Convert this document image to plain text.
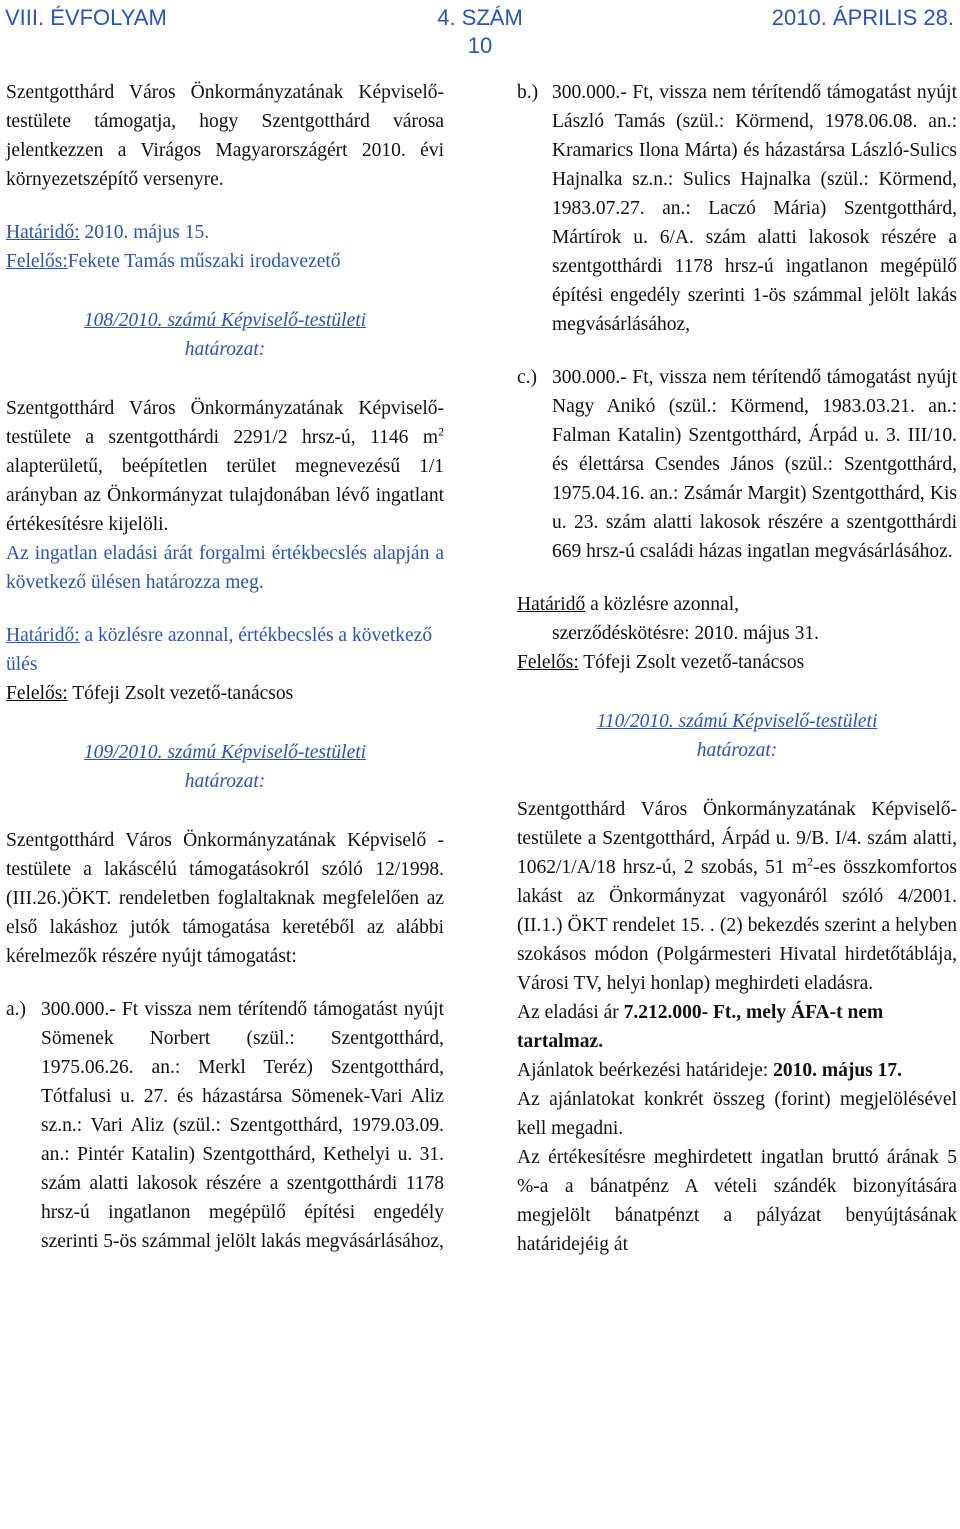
VIII. ÉVFOLYAM	4. SZÁM	2010. ÁPRILIS 28.
10

Szentgotthárd Város Önkormányzatának Képviselő-testülete támogatja, hogy Szentgotthárd városa jelentkezzen a Virágos Magyarországért 2010. évi környezetszépítő versenyre.

Határidő: 2010. május 15.

Felelős:Fekete Tamás műszaki irodavezető

108/2010. számú Képviselő-testületi

határozat:

Szentgotthárd Város Önkormányzatának Képviselő-testülete a szentgotthárdi 2291/2 hrsz-ú, 1146 $m^2$ alapterületű, beépítetlen terület megnevezésű 1/1 arányban az Önkormányzat tulajdonában lévő ingatlant értékesítésre kijelöli.

Az ingatlan eladási árát forgalmi értékbecslés alapján a következő ülésen határozza meg.

Határidő: a közlésre azonnal, értékbecslés a következő ülés

Felelős: Tófeji Zsolt vezető-tanácsos

109/2010. számú Képviselő-testületi

határozat:

Szentgotthárd Város Önkormányzatának Képviselő - testülete a lakáscélú támogatásokról szóló 12/1998.(III.26.)ÖKT. rendeletben foglaltaknak megfelelően az első lakáshoz jutók támogatása keretéből az alábbi kérelmezők részére nyújt támogatást:

a.) 300.000.- Ft vissza nem térítendő támogatást nyújt Sömenek Norbert (szül.: Szentgotthárd, 1975.06.26. an.: Merkl Teréz) Szentgotthárd, Tótfalusi u. 27. és házastársa Sömenek-Vari Aliz sz.n.: Vari Aliz (szül.: Szentgotthárd, 1979.03.09. an.: Pintér Katalin) Szentgotthárd, Kethelyi u. 31. szám alatti lakosok részére a szentgotthárdi 1178 hrsz-ú ingatlanon megépülő építési engedély szerinti 5-ös számmal jelölt lakás megvásárlásához,
b.) 300.000.- Ft, vissza nem térítendő támogatást nyújt László Tamás (szül.: Körmend, 1978.06.08. an.: Kramarics Ilona Márta) és házastársa László-Sulics Hajnalka sz.n.: Sulics Hajnalka (szül.: Körmend, 1983.07.27. an.: Laczó Mária) Szentgotthárd, Mártírok u. 6/A. szám alatti lakosok részére a szentgotthárdi 1178 hrsz-ú ingatlanon megépülő építési engedély szerinti 1-ös számmal jelölt lakás megvásárlásához,
c.) 300.000.- Ft, vissza nem térítendő támogatást nyújt Nagy Anikó (szül.: Körmend, 1983.03.21. an.: Falman Katalin) Szentgotthárd, Árpád u. 3. III/10. és élettársa Csendes János (szül.: Szentgotthárd, 1975.04.16. an.: Zsámár Margit) Szentgotthárd, Kis u. 23. szám alatti lakosok részére a szentgotthárdi 669 hrsz-ú családi házas ingatlan megvásárlásához.

Határidő a közlésre azonnal,

szerződéskötésre: 2010. május 31.

Felelős: Tófeji Zsolt vezető-tanácsos

110/2010. számú Képviselő-testületi

határozat:

Szentgotthárd Város Önkormányzatának Képviselő-testülete a Szentgotthárd, Árpád u. 9/B. I/4. szám alatti, 1062/1/A/18 hrsz-ú, 2 szobás, 51 $m^2-es$ összkomfortos lakást az Önkormányzat vagyonáról szóló 4/2001. (II.1.) ÖKT rendelet 15. . (2) bekezdés szerint a helyben szokásos módon (Polgármesteri Hivatal hirdetőtáblája, Városi TV, helyi honlap) meghirdeti eladásra.

Az eladási ár 7.212.000- Ft., mely ÁFA-t nem tartalmaz.

Ajánlatok beérkezési határideje: 2010. május 17.

Az ajánlatokat konkrét összeg (forint) megjelölésével kell megadni.

Az értékesítésre meghirdetett ingatlan bruttó árának 5 %-a a bánatpénz A vételi szándék bizonyítására megjelölt bánatpénzt a pályázat benyújtásának határidejéig át
